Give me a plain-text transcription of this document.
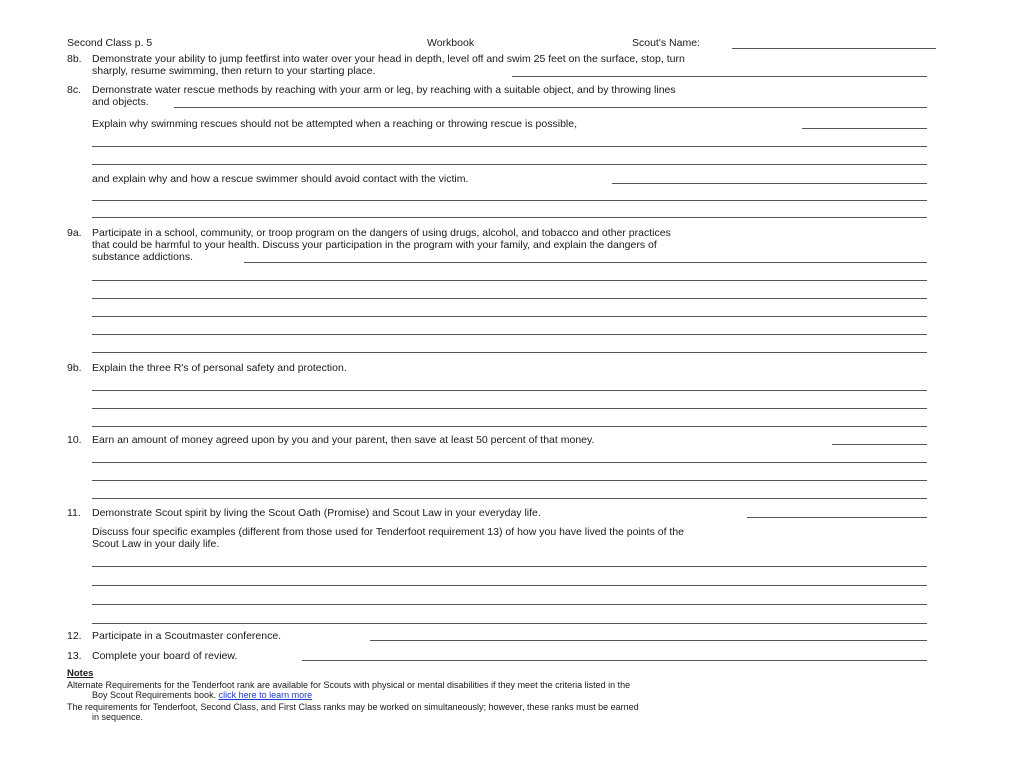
Second Class p. 5	Workbook	Scout's Name:
8b. Demonstrate your ability to jump feetfirst into water over your head in depth, level off and swim 25 feet on the surface, stop, turn
sharply, resume swimming, then return to your starting place.
8c. Demonstrate water rescue methods by reaching with your arm or leg, by reaching with a suitable object, and by throwing lines
and objects.
Explain why swimming rescues should not be attempted when a reaching or throwing rescue is possible,
and explain why and how a rescue swimmer should avoid contact with the victim.
9a. Participate in a school, community, or troop program on the dangers of using drugs, alcohol, and tobacco and other practices
that could be harmful to your health. Discuss your participation in the program with your family, and explain the dangers of
substance addictions.
9b. Explain the three R's of personal safety and protection.
10. Earn an amount of money agreed upon by you and your parent, then save at least 50 percent of that money.
11. Demonstrate Scout spirit by living the Scout Oath (Promise) and Scout Law in your everyday life.
Discuss four specific examples (different from those used for Tenderfoot requirement 13) of how you have lived the points of the
Scout Law in your daily life.
12. Participate in a Scoutmaster conference.
13. Complete your board of review.
Notes
Alternate Requirements for the Tenderfoot rank are available for Scouts with physical or mental disabilities if they meet the criteria listed in the
Boy Scout Requirements book. click here to learn more
The requirements for Tenderfoot, Second Class, and First Class ranks may be worked on simultaneously; however, these ranks must be earned
in sequence.
